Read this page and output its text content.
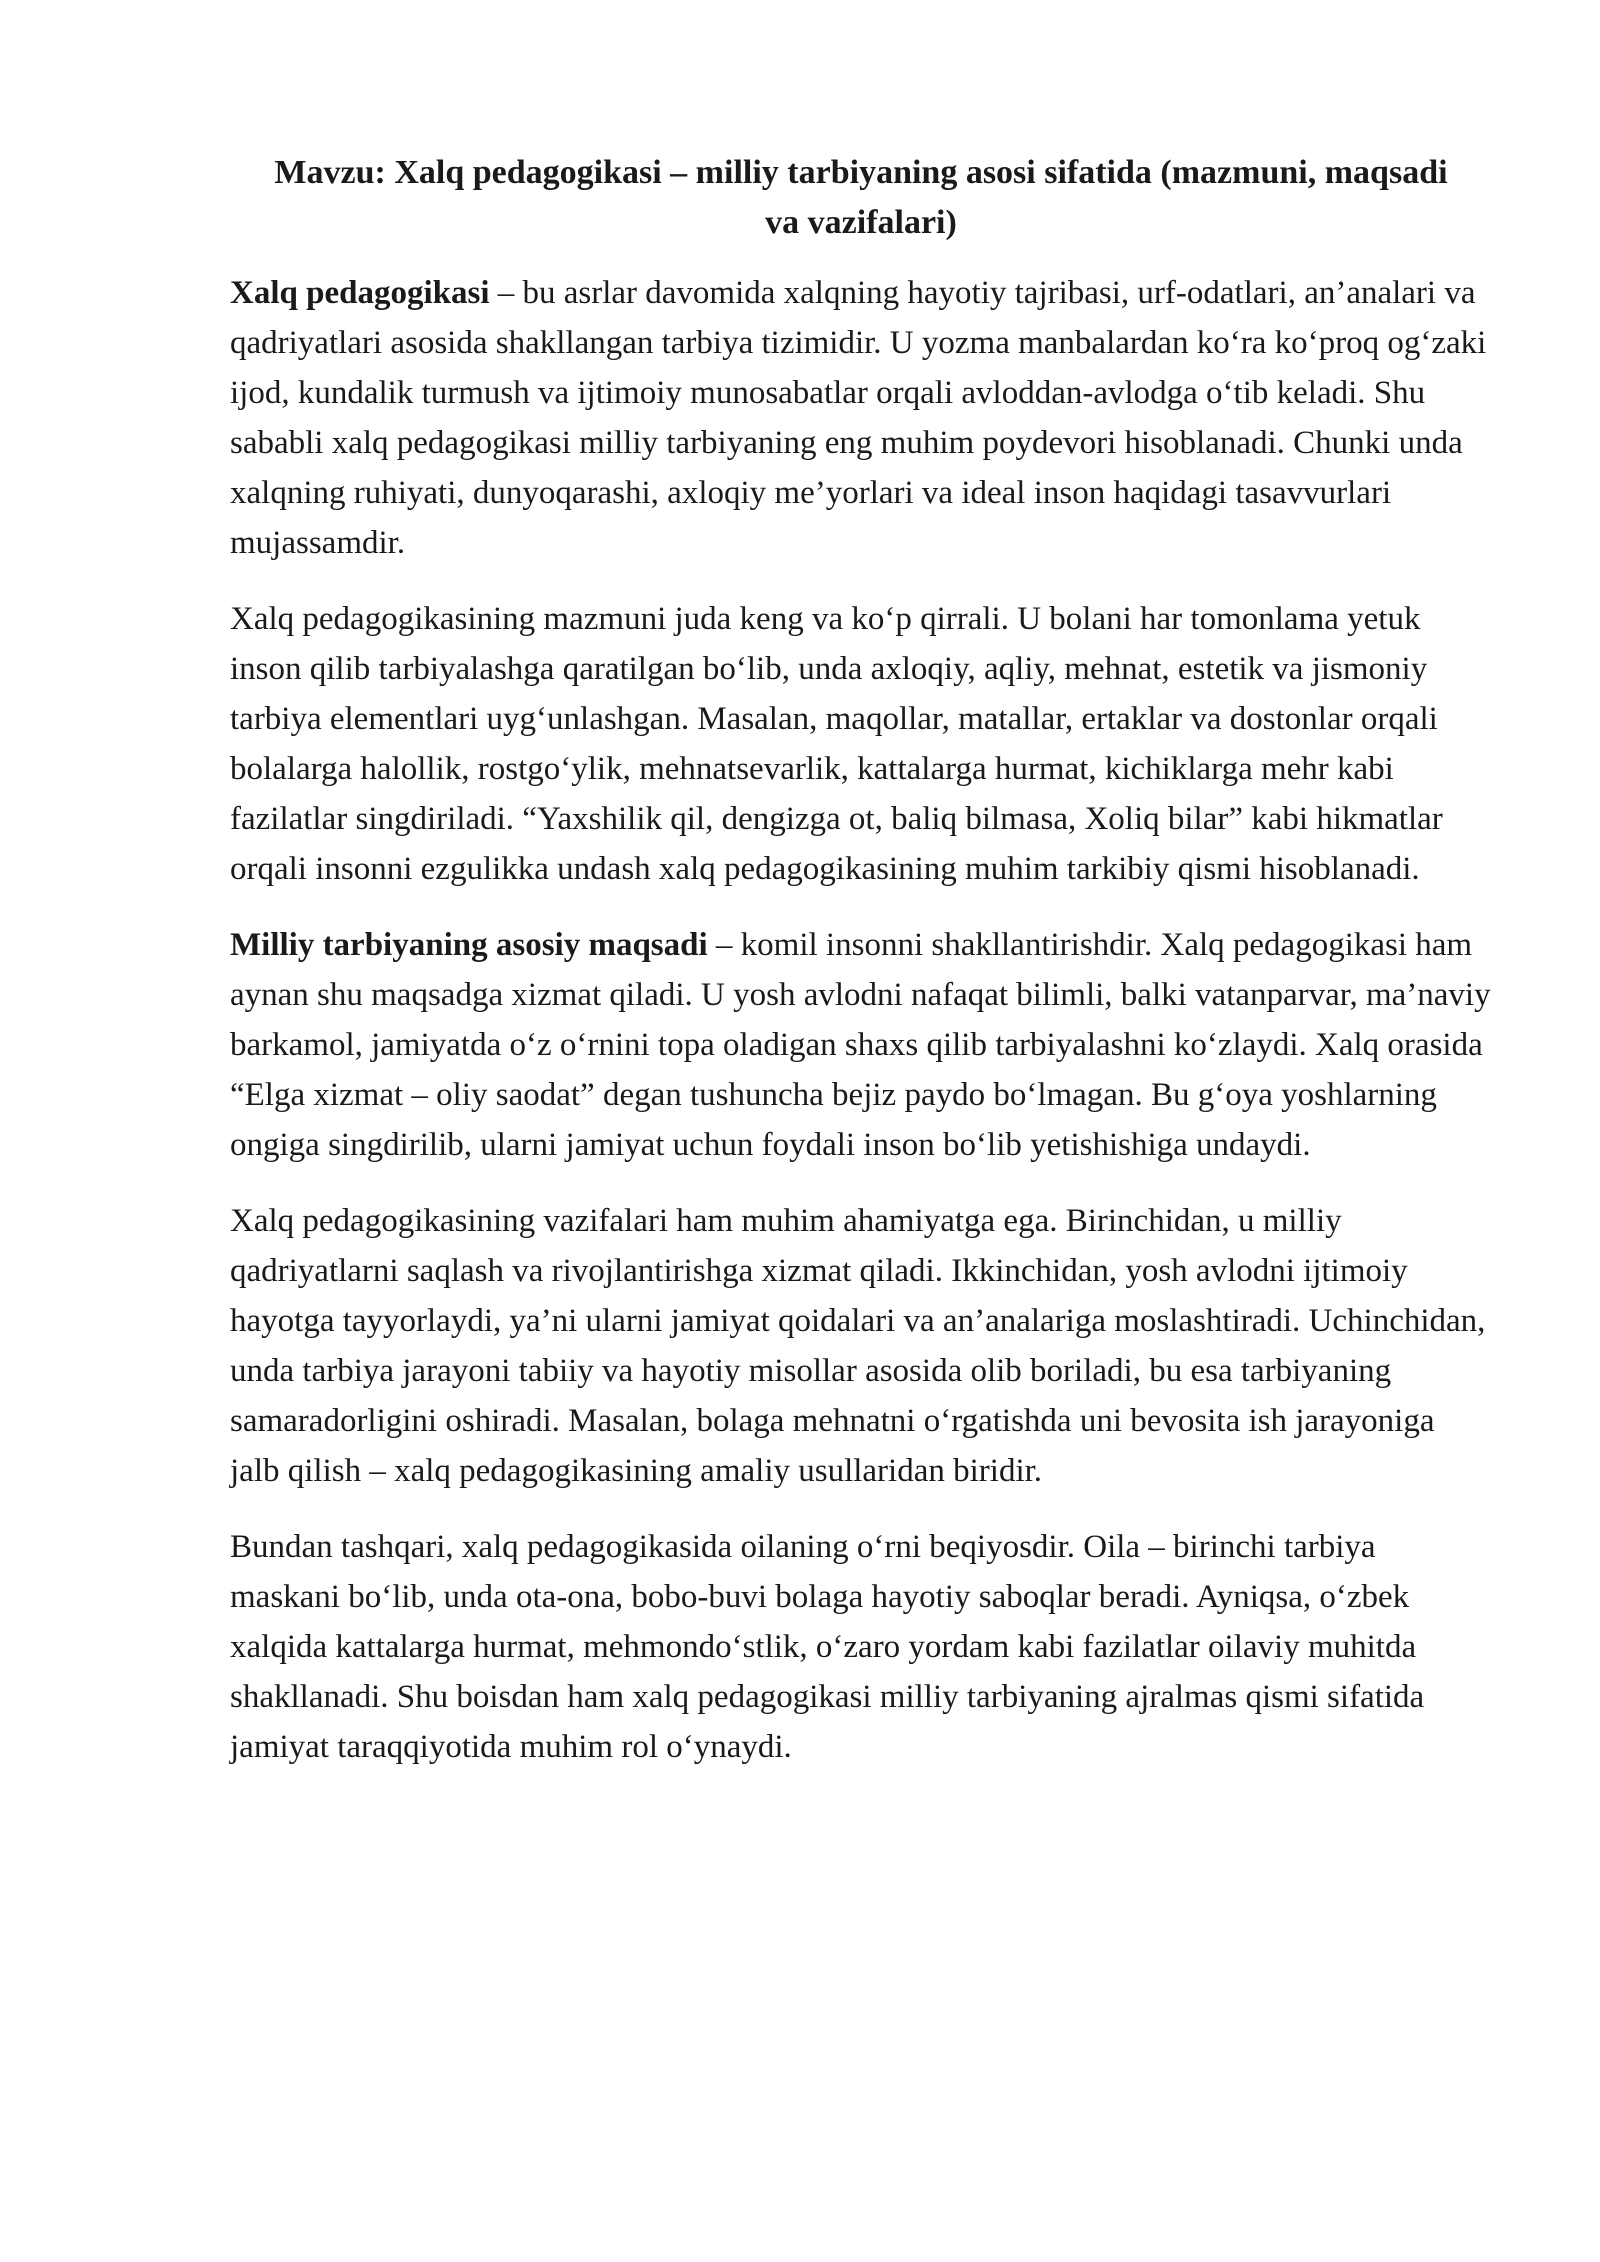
Mavzu: Xalq pedagogikasi – milliy tarbiyaning asosi sifatida (mazmuni, maqsadi va vazifalari)

Xalq pedagogikasi – bu asrlar davomida xalqning hayotiy tajribasi, urf-odatlari, an’analari va qadriyatlari asosida shakllangan tarbiya tizimidir. U yozma manbalardan ko‘ra ko‘proq og‘zaki ijod, kundalik turmush va ijtimoiy munosabatlar orqali avloddan-avlodga o‘tib keladi. Shu sababli xalq pedagogikasi milliy tarbiyaning eng muhim poydevori hisoblanadi. Chunki unda xalqning ruhiyati, dunyoqarashi, axloqiy me’yorlari va ideal inson haqidagi tasavvurlari mujassamdir.

Xalq pedagogikasining mazmuni juda keng va ko‘p qirrali. U bolani har tomonlama yetuk inson qilib tarbiyalashga qaratilgan bo‘lib, unda axloqiy, aqliy, mehnat, estetik va jismoniy tarbiya elementlari uyg‘unlashgan. Masalan, maqollar, matallar, ertaklar va dostonlar orqali bolalarga halollik, rostgo‘ylik, mehnatsevarlik, kattalarga hurmat, kichiklarga mehr kabi fazilatlar singdiriladi. “Yaxshilik qil, dengizga ot, baliq bilmasa, Xoliq bilar” kabi hikmatlar orqali insonni ezgulikka undash xalq pedagogikasining muhim tarkibiy qismi hisoblanadi.

Milliy tarbiyaning asosiy maqsadi – komil insonni shakllantirishdir. Xalq pedagogikasi ham aynan shu maqsadga xizmat qiladi. U yosh avlodni nafaqat bilimli, balki vatanparvar, ma’naviy barkamol, jamiyatda o‘z o‘rnini topa oladigan shaxs qilib tarbiyalashni ko‘zlaydi. Xalq orasida “Elga xizmat – oliy saodat” degan tushuncha bejiz paydo bo‘lmagan. Bu g‘oya yoshlarning ongiga singdirilib, ularni jamiyat uchun foydali inson bo‘lib yetishishiga undaydi.

Xalq pedagogikasining vazifalari ham muhim ahamiyatga ega. Birinchidan, u milliy qadriyatlarni saqlash va rivojlantirishga xizmat qiladi. Ikkinchidan, yosh avlodni ijtimoiy hayotga tayyorlaydi, ya’ni ularni jamiyat qoidalari va an’analariga moslashtiradi. Uchinchidan, unda tarbiya jarayoni tabiiy va hayotiy misollar asosida olib boriladi, bu esa tarbiyaning samaradorligini oshiradi. Masalan, bolaga mehnatni o‘rgatishda uni bevosita ish jarayoniga jalb qilish – xalq pedagogikasining amaliy usullaridan biridir.

Bundan tashqari, xalq pedagogikasida oilaning o‘rni beqiyosdir. Oila – birinchi tarbiya maskani bo‘lib, unda ota-ona, bobo-buvi bolaga hayotiy saboqlar beradi. Ayniqsa, o‘zbek xalqida kattalarga hurmat, mehmondo‘stlik, o‘zaro yordam kabi fazilatlar oilaviy muhitda shakllanadi. Shu boisdan ham xalq pedagogikasi milliy tarbiyaning ajralmas qismi sifatida jamiyat taraqqiyotida muhim rol o‘ynaydi.
